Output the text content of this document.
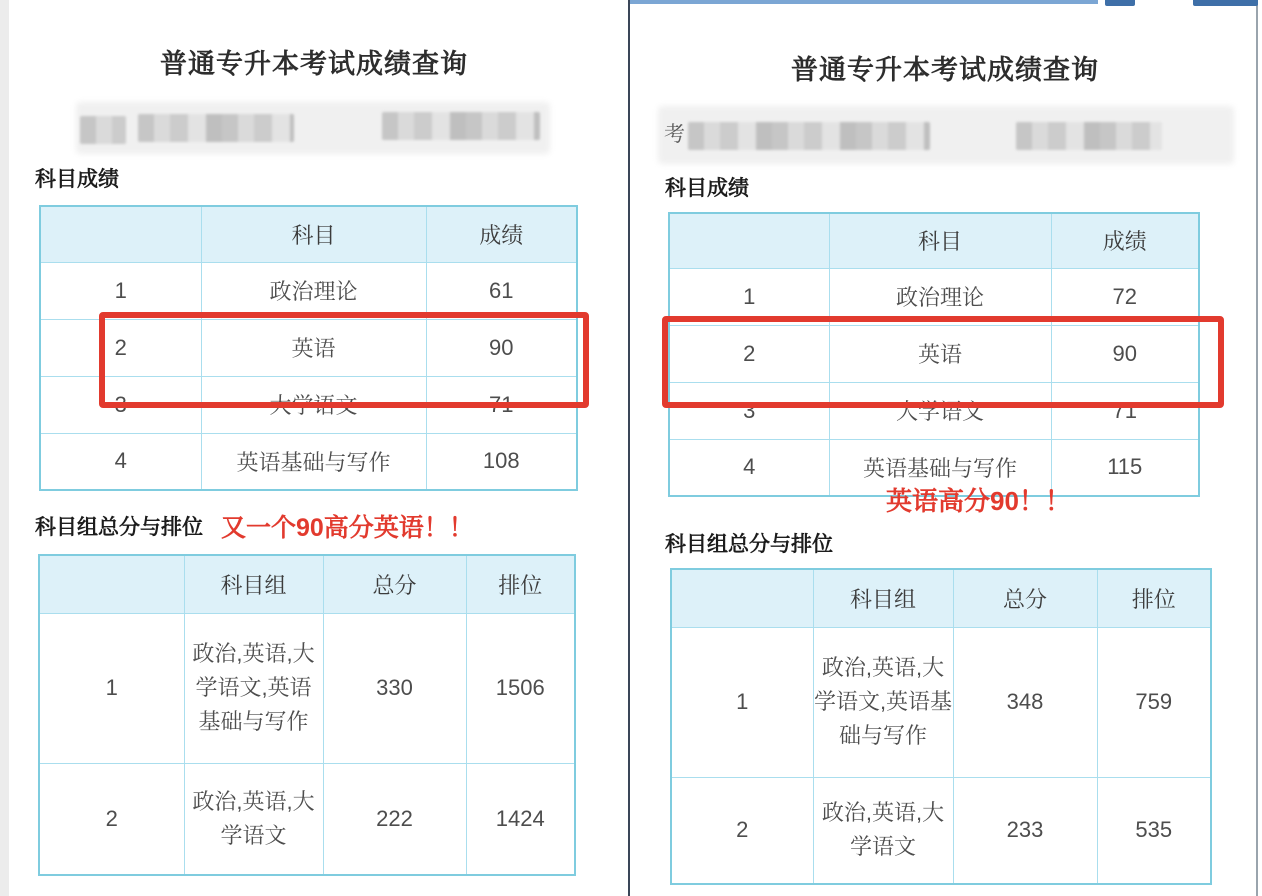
普通专升本考试成绩查询
科目成绩
	科目	成绩
1	政治理论	61
2	英语	90
3	大学语文	71
4	英语基础与写作	108
科目组总分与排位 又一个90高分英语！！
	科目组	总分	排位
1	政治,英语,大学语文,英语基础与写作	330	1506
2	政治,英语,大学语文	222	1424
普通专升本考试成绩查询
考
科目成绩
	科目	成绩
1	政治理论	72
2	英语	90
3	大学语文	71
4	英语基础与写作	115
英语高分90！！
科目组总分与排位
	科目组	总分	排位
1	政治,英语,大学语文,英语基础与写作	348	759
2	政治,英语,大学语文	233	535
